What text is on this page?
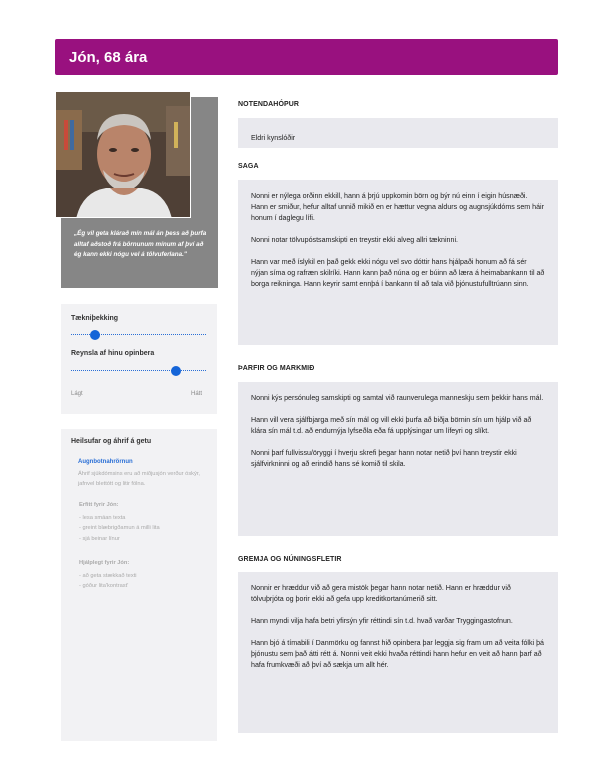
Jón, 68 ára
„Ég vil geta klárað mín mál án þess að þurfa alltaf aðstoð frá börnunum mínum af því að ég kann ekki nógu vel á tölvuferlana."
Tækniþekking
Reynsla af hinu opinbera
Lágt	Hátt
Heilsufar og áhrif á getu
Augnbotnahrörnun
Áhrif sjúkdómsins eru að miðjusjón verður óskýr, jafnvel blettótt og litir fölna.
Erfitt fyrir Jón:
- lesa smáan texta
- greint blæbrigðamun á milli lita
- sjá beinar línur
Hjálplegt fyrir Jón:
- að geta stækkað texti
- góður lita'kontrast'
NOTENDAHÓPUR
Eldri kynslóðir
SAGA

Nonni er nýlega orðinn ekkill, hann á þrjú uppkomin börn og býr nú einn í eigin húsnæði. Hann er smiður, hefur alltaf unnið mikið en er hættur vegna aldurs og augnsjúkdóms sem háir honum í daglegu lífi.

Nonni notar tölvupóstsamskipti en treystir ekki alveg allri tækninni.

Hann var með íslykil en það gekk ekki nógu vel svo dóttir hans hjálpaði honum að fá sér nýjan síma og rafræn skilríki. Hann kann það núna og er búinn að læra á heimabankann til að borga reikninga. Hann keyrir samt ennþá í bankann til að tala við þjónustufulltrúann sinn.

ÞARFIR OG MARKMIÐ

Nonni kýs persónuleg samskipti og samtal við raunverulega manneskju sem þekkir hans mál.

Hann vill vera sjálfbjarga með sín mál og vill ekki þurfa að biðja börnin sín um hjálp við að klára sín mál t.d. að endurnýja lyfseðla eða fá upplýsingar um lífeyri og slíkt.

Nonni þarf fullvissu/öryggi í hverju skrefi þegar hann notar netið því hann treystir ekki sjálfvirkninni og að erindið hans sé komið til skila.

GREMJA OG NÚNINGSFLETIR

Nonnir er hræddur við að gera mistök þegar hann notar netið. Hann er hræddur við tölvuþrjóta og þorir ekki að gefa upp kreditkortanúmerið sitt.

Hann myndi vilja hafa betri yfirsýn yfir réttindi sín t.d. hvað varðar Tryggingastofnun.

Hann bjó á tímabili í Danmörku og fannst hið opinbera þar leggja sig fram um að veita fólki þá þjónustu sem það átti rétt á. Nonni veit ekki hvaða réttindi hann hefur en veit að hann þarf að hafa frumkvæði að því að sækja um allt hér.
